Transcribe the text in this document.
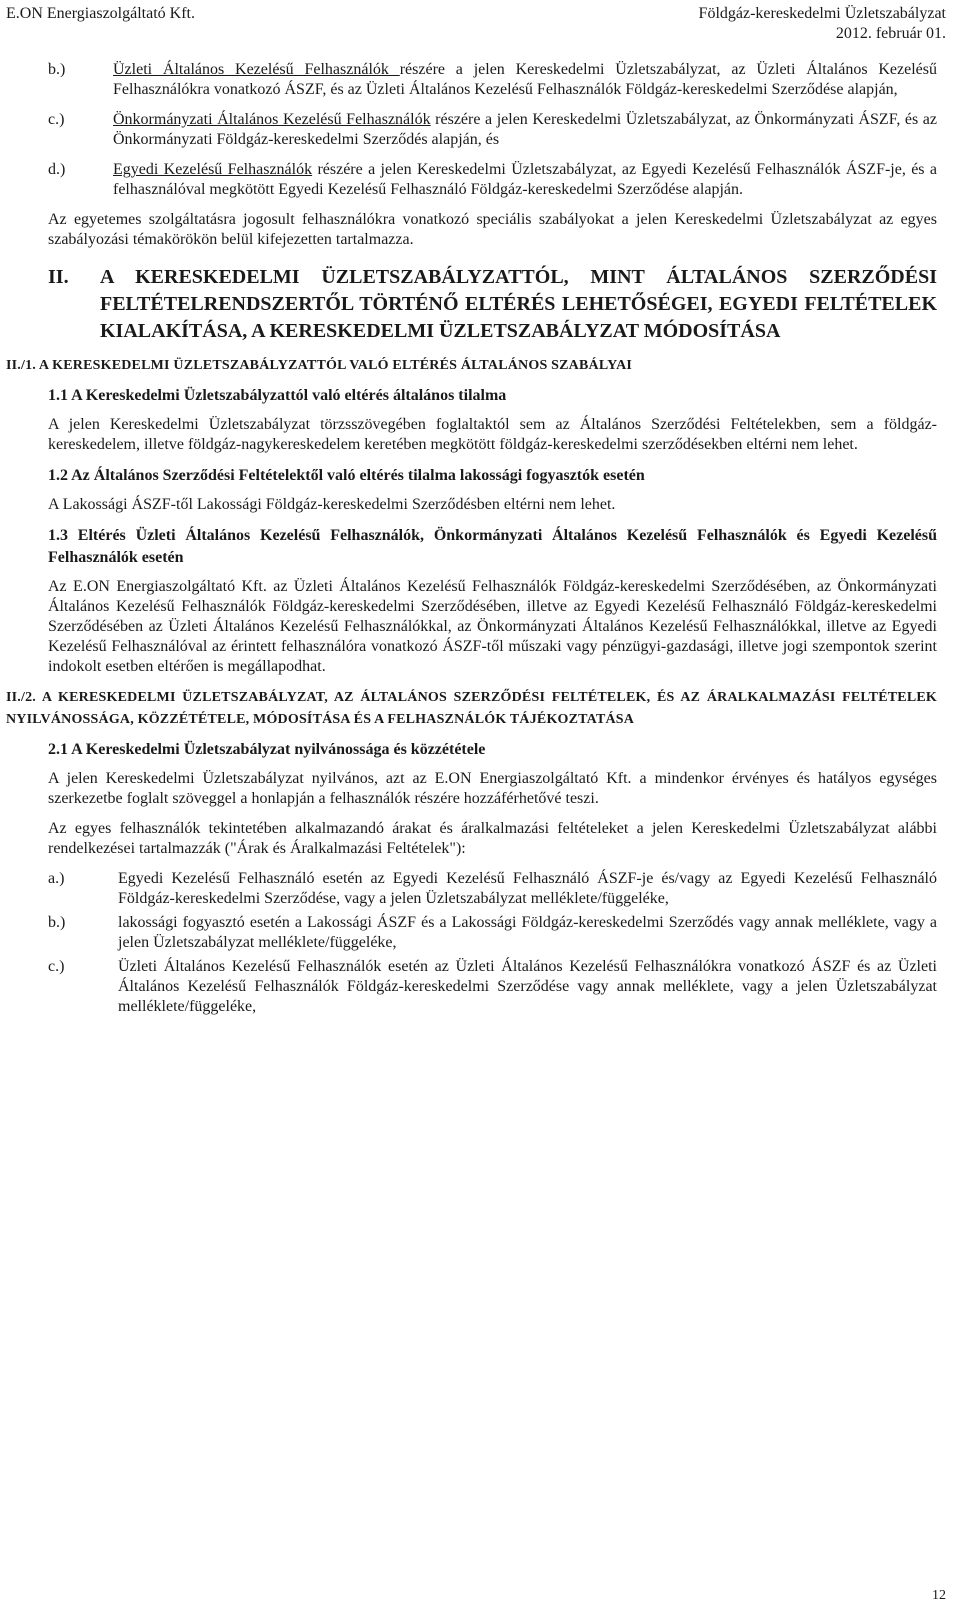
E.ON Energiaszolgáltató Kft.	Földgáz-kereskedelmi Üzletszabályzat
2012. február 01.
b.)	Üzleti Általános Kezelésű Felhasználók részére a jelen Kereskedelmi Üzletszabályzat, az Üzleti Általános Kezelésű Felhasználókra vonatkozó ÁSZF, és az Üzleti Általános Kezelésű Felhasználók Földgáz-kereskedelmi Szerződése alapján,
c.)	Önkormányzati Általános Kezelésű Felhasználók részére a jelen Kereskedelmi Üzletszabályzat, az Önkormányzati ÁSZF, és az Önkormányzati Földgáz-kereskedelmi Szerződés alapján, és
d.)	Egyedi Kezelésű Felhasználók részére a jelen Kereskedelmi Üzletszabályzat, az Egyedi Kezelésű Felhasználók ÁSZF-je, és a felhasználóval megkötött Egyedi Kezelésű Felhasználó Földgáz-kereskedelmi Szerződése alapján.

Az egyetemes szolgáltatásra jogosult felhasználókra vonatkozó speciális szabályokat a jelen Kereskedelmi Üzletszabályzat az egyes szabályozási témakörökön belül kifejezetten tartalmazza.

II.	A KERESKEDELMI ÜZLETSZABÁLYZATTÓL, MINT ÁLTALÁNOS SZERZŐDÉSI FELTÉTELRENDSZERTŐL TÖRTÉNŐ ELTÉRÉS LEHETŐSÉGEI, EGYEDI FELTÉTELEK KIALAKÍTÁSA, A KERESKEDELMI ÜZLETSZABÁLYZAT MÓDOSÍTÁSA
II./1. A KERESKEDELMI ÜZLETSZABÁLYZATTÓL VALÓ ELTÉRÉS ÁLTALÁNOS SZABÁLYAI
1.1 A Kereskedelmi Üzletszabályzattól való eltérés általános tilalma

A jelen Kereskedelmi Üzletszabályzat törzsszövegében foglaltaktól sem az Általános Szerződési Feltételekben, sem a földgáz-kereskedelem, illetve földgáz-nagykereskedelem keretében megkötött földgáz-kereskedelmi szerződésekben eltérni nem lehet.

1.2 Az Általános Szerződési Feltételektől való eltérés tilalma lakossági fogyasztók esetén

A Lakossági ÁSZF-től Lakossági Földgáz-kereskedelmi Szerződésben eltérni nem lehet.

1.3 Eltérés Üzleti Általános Kezelésű Felhasználók, Önkormányzati Általános Kezelésű Felhasználók és Egyedi Kezelésű Felhasználók esetén

Az E.ON Energiaszolgáltató Kft. az Üzleti Általános Kezelésű Felhasználók Földgáz-kereskedelmi Szerződésében, az Önkormányzati Általános Kezelésű Felhasználók Földgáz-kereskedelmi Szerződésében, illetve az Egyedi Kezelésű Felhasználó Földgáz-kereskedelmi Szerződésében az Üzleti Általános Kezelésű Felhasználókkal, az Önkormányzati Általános Kezelésű Felhasználókkal, illetve az Egyedi Kezelésű Felhasználóval az érintett felhasználóra vonatkozó ÁSZF-től műszaki vagy pénzügyi-gazdasági, illetve jogi szempontok szerint indokolt esetben eltérően is megállapodhat.

II./2. A KERESKEDELMI ÜZLETSZABÁLYZAT, AZ ÁLTALÁNOS SZERZŐDÉSI FELTÉTELEK, ÉS AZ ÁRALKALMAZÁSI FELTÉTELEK NYILVÁNOSSÁGA, KÖZZÉTÉTELE, MÓDOSÍTÁSA ÉS A FELHASZNÁLÓK TÁJÉKOZTATÁSA
2.1 A Kereskedelmi Üzletszabályzat nyilvánossága és közzététele

A jelen Kereskedelmi Üzletszabályzat nyilvános, azt az E.ON Energiaszolgáltató Kft. a mindenkor érvényes és hatályos egységes szerkezetbe foglalt szöveggel a honlapján a felhasználók részére hozzáférhetővé teszi.

Az egyes felhasználók tekintetében alkalmazandó árakat és áralkalmazási feltételeket a jelen Kereskedelmi Üzletszabályzat alábbi rendelkezései tartalmazzák ("Árak és Áralkalmazási Feltételek"):

a.)	Egyedi Kezelésű Felhasználó esetén az Egyedi Kezelésű Felhasználó ÁSZF-je és/vagy az Egyedi Kezelésű Felhasználó Földgáz-kereskedelmi Szerződése, vagy a jelen Üzletszabályzat melléklete/függeléke,
b.)	lakossági fogyasztó esetén a Lakossági ÁSZF és a Lakossági Földgáz-kereskedelmi Szerződés vagy annak melléklete, vagy a jelen Üzletszabályzat melléklete/függeléke,
c.)	Üzleti Általános Kezelésű Felhasználók esetén az Üzleti Általános Kezelésű Felhasználókra vonatkozó ÁSZF és az Üzleti Általános Kezelésű Felhasználók Földgáz-kereskedelmi Szerződése vagy annak melléklete, vagy a jelen Üzletszabályzat melléklete/függeléke,
12
